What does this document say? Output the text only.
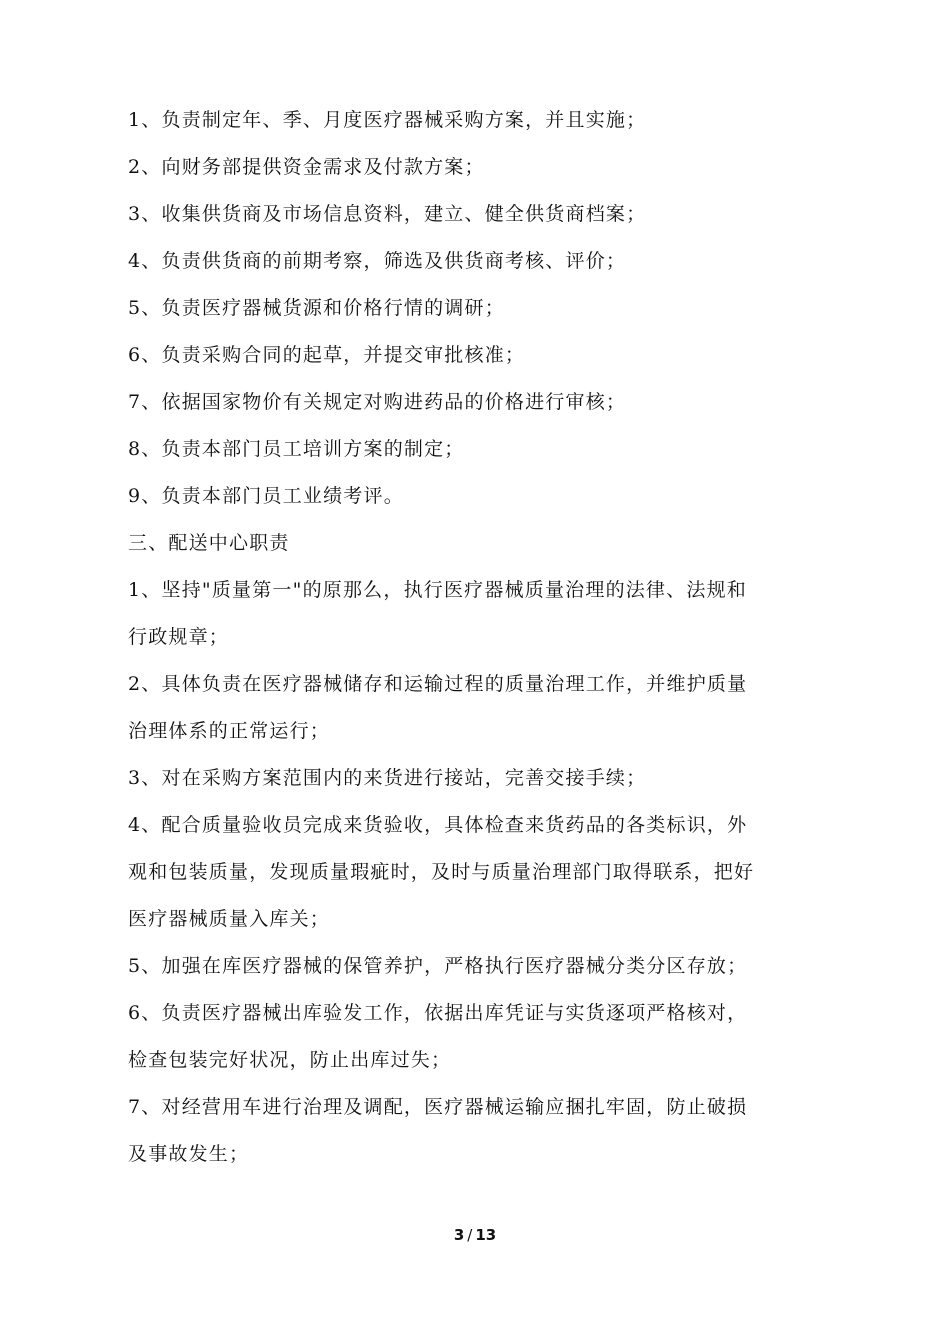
1、负责制定年、季、月度医疗器械采购方案，并且实施；
2、向财务部提供资金需求及付款方案；
3、收集供货商及市场信息资料，建立、健全供货商档案；
4、负责供货商的前期考察，筛选及供货商考核、评价；
5、负责医疗器械货源和价格行情的调研；
6、负责采购合同的起草，并提交审批核准；
7、依据国家物价有关规定对购进药品的价格进行审核；
8、负责本部门员工培训方案的制定；
9、负责本部门员工业绩考评。
三、配送中心职责
1、坚持"质量第一"的原那么，执行医疗器械质量治理的法律、法规和
行政规章；
2、具体负责在医疗器械储存和运输过程的质量治理工作，并维护质量
治理体系的正常运行；
3、对在采购方案范围内的来货进行接站，完善交接手续；
4、配合质量验收员完成来货验收，具体检查来货药品的各类标识，外
观和包装质量，发现质量瑕疵时，及时与质量治理部门取得联系，把好
医疗器械质量入库关；
5、加强在库医疗器械的保管养护，严格执行医疗器械分类分区存放；
6、负责医疗器械出库验发工作，依据出库凭证与实货逐项严格核对，
检查包装完好状况，防止出库过失；
7、对经营用车进行治理及调配，医疗器械运输应捆扎牢固，防止破损
及事故发生；
3 / 13
